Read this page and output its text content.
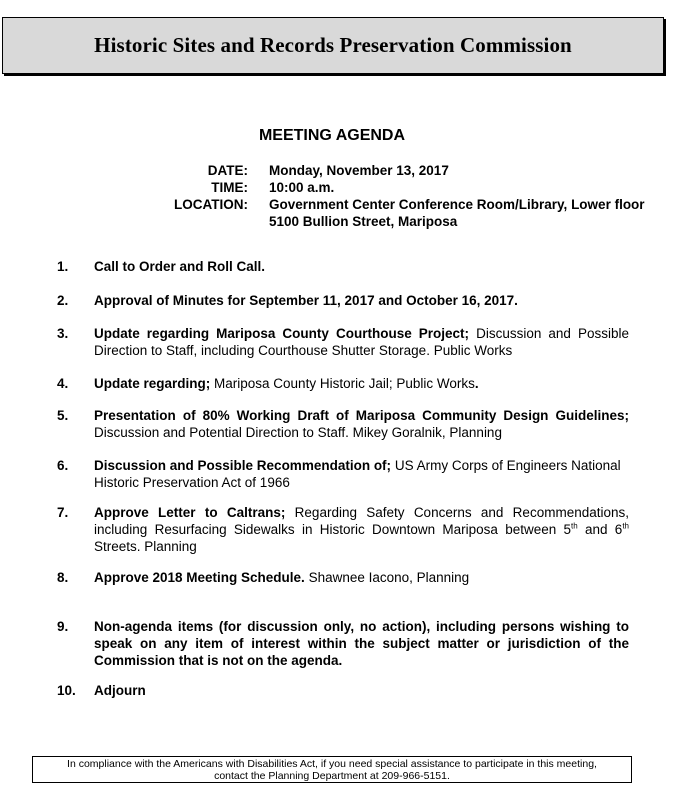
Historic Sites and Records Preservation Commission
MEETING AGENDA
DATE: Monday, November 13, 2017
TIME: 10:00 a.m.
LOCATION: Government Center Conference Room/Library, Lower floor
5100 Bullion Street, Mariposa
1. Call to Order and Roll Call.
2. Approval of Minutes for September 11, 2017 and October 16, 2017.
3. Update regarding Mariposa County Courthouse Project; Discussion and Possible Direction to Staff, including Courthouse Shutter Storage. Public Works
4. Update regarding; Mariposa County Historic Jail; Public Works.
5. Presentation of 80% Working Draft of Mariposa Community Design Guidelines; Discussion and Potential Direction to Staff. Mikey Goralnik, Planning
6. Discussion and Possible Recommendation of; US Army Corps of Engineers National Historic Preservation Act of 1966
7. Approve Letter to Caltrans; Regarding Safety Concerns and Recommendations, including Resurfacing Sidewalks in Historic Downtown Mariposa between 5th and 6th Streets. Planning
8. Approve 2018 Meeting Schedule. Shawnee Iacono, Planning
9. Non-agenda items (for discussion only, no action), including persons wishing to speak on any item of interest within the subject matter or jurisdiction of the Commission that is not on the agenda.
10. Adjourn
In compliance with the Americans with Disabilities Act, if you need special assistance to participate in this meeting,
contact the Planning Department at 209-966-5151.
